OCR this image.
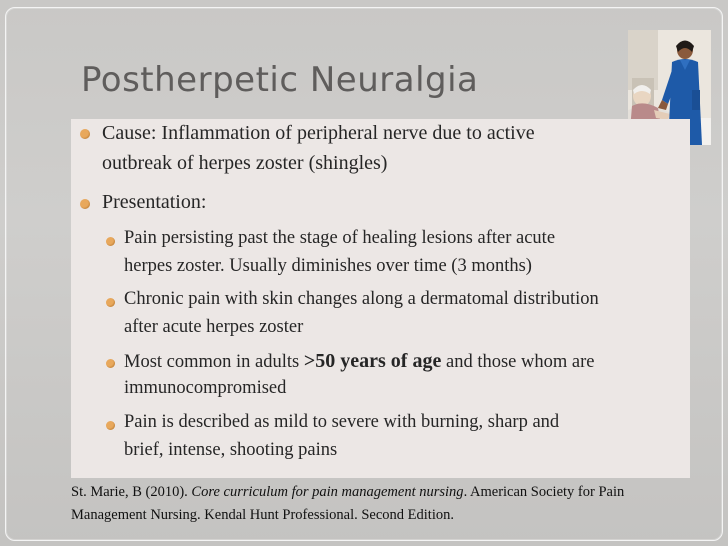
Postherpetic Neuralgia
Cause: Inflammation of peripheral nerve due to active
outbreak of herpes zoster (shingles)
Presentation:
Pain persisting past the stage of healing lesions after acute
herpes zoster. Usually diminishes over time (3 months)
Chronic pain with skin changes along a dermatomal distribution
after acute herpes zoster
Most common in adults >50 years of age and those whom are
immunocompromised
Pain is described as mild to severe with burning, sharp and
brief, intense, shooting pains
St. Marie, B (2010). Core curriculum for pain management nursing. American Society for Pain
Management Nursing. Kendal Hunt Professional. Second Edition.
